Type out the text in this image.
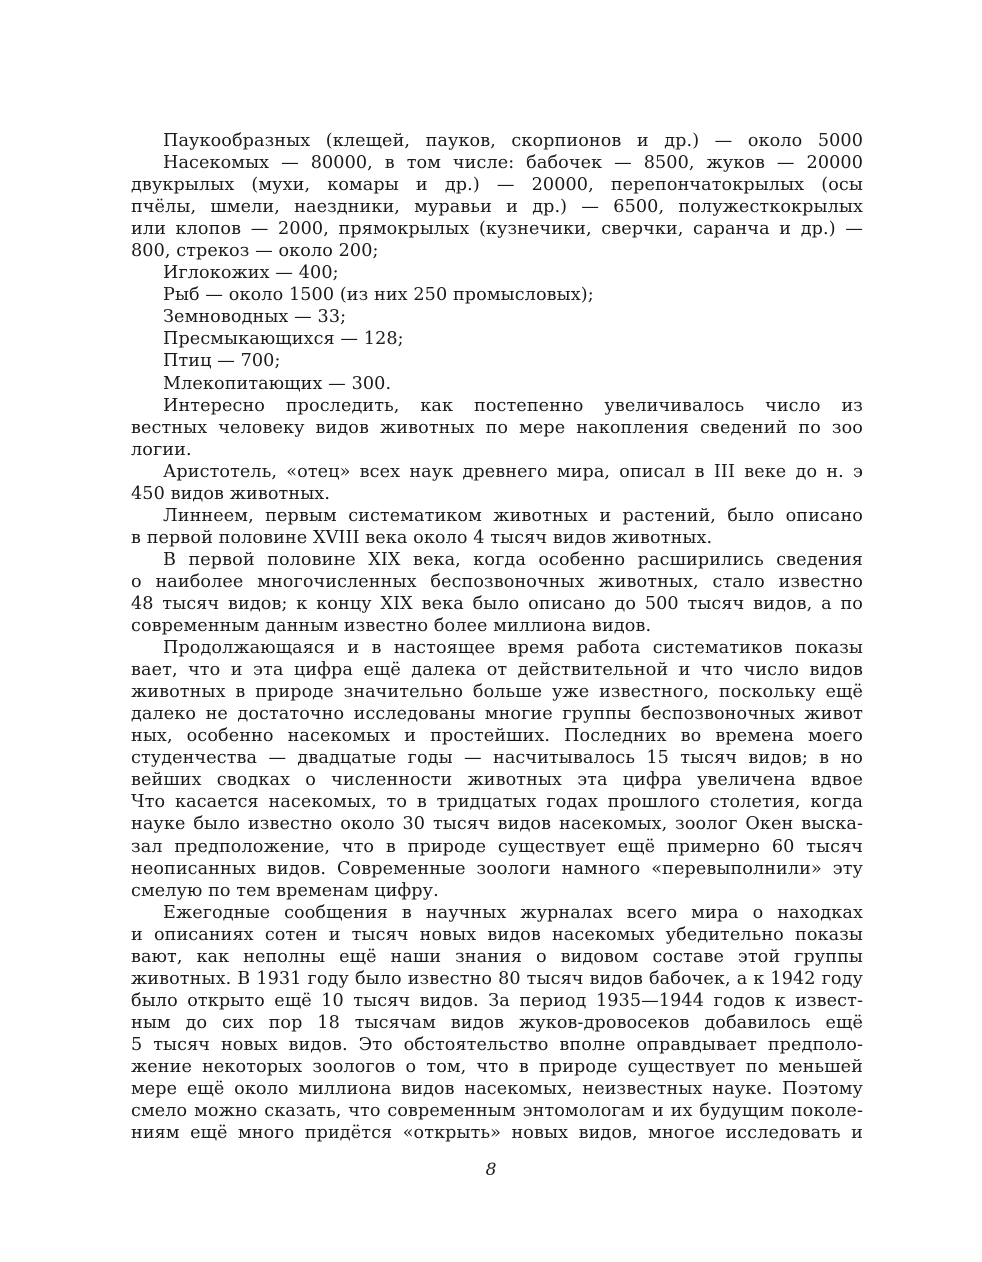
Паукообразных (клещей, пауков, скорпионов и др.) — около 5000
Насекомых — 80000, в том числе: бабочек — 8500, жуков — 20000
двукрылых (мухи, комары и др.) — 20000, перепончатокрылых (осы
пчёлы, шмели, наездники, муравьи и др.) — 6500, полужесткокрылых
или клопов — 2000, прямокрылых (кузнечики, сверчки, саранча и др.) —
800, стрекоз — около 200;
Иглокожих — 400;
Рыб — около 1500 (из них 250 промысловых);
Земноводных — 33;
Пресмыкающихся — 128;
Птиц — 700;
Млекопитающих — 300.
Интересно проследить, как постепенно увеличивалось число из
вестных человеку видов животных по мере накопления сведений по зоо
логии.
Аристотель, «отец» всех наук древнего мира, описал в III веке до н. э
450 видов животных.
Линнеем, первым систематиком животных и растений, было описано
в первой половине XVIII века около 4 тысяч видов животных.
В первой половине XIX века, когда особенно расширились сведения
о наиболее многочисленных беспозвоночных животных, стало известно
48 тысяч видов; к концу XIX века было описано до 500 тысяч видов, а по
современным данным известно более миллиона видов.
Продолжающаяся и в настоящее время работа систематиков показы
вает, что и эта цифра ещё далека от действительной и что число видов
животных в природе значительно больше уже известного, поскольку ещё
далеко не достаточно исследованы многие группы беспозвоночных живот
ных, особенно насекомых и простейших. Последних во времена моего
студенчества — двадцатые годы — насчитывалось 15 тысяч видов; в но
вейших сводках о численности животных эта цифра увеличена вдвое
Что касается насекомых, то в тридцатых годах прошлого столетия, когда
науке было известно около 30 тысяч видов насекомых, зоолог Окен выска-
зал предположение, что в природе существует ещё примерно 60 тысяч
неописанных видов. Современные зоологи намного «перевыполнили» эту
смелую по тем временам цифру.
Ежегодные сообщения в научных журналах всего мира о находках
и описаниях сотен и тысяч новых видов насекомых убедительно показы
вают, как неполны ещё наши знания о видовом составе этой группы
животных. В 1931 году было известно 80 тысяч видов бабочек, а к 1942 году
было открыто ещё 10 тысяч видов. За период 1935—1944 годов к извест-
ным до сих пор 18 тысячам видов жуков-дровосеков добавилось ещё
5 тысяч новых видов. Это обстоятельство вполне оправдывает предполо-
жение некоторых зоологов о том, что в природе существует по меньшей
мере ещё около миллиона видов насекомых, неизвестных науке. Поэтому
смело можно сказать, что современным энтомологам и их будущим поколе-
ниям ещё много придётся «открыть» новых видов, многое исследовать и
8
